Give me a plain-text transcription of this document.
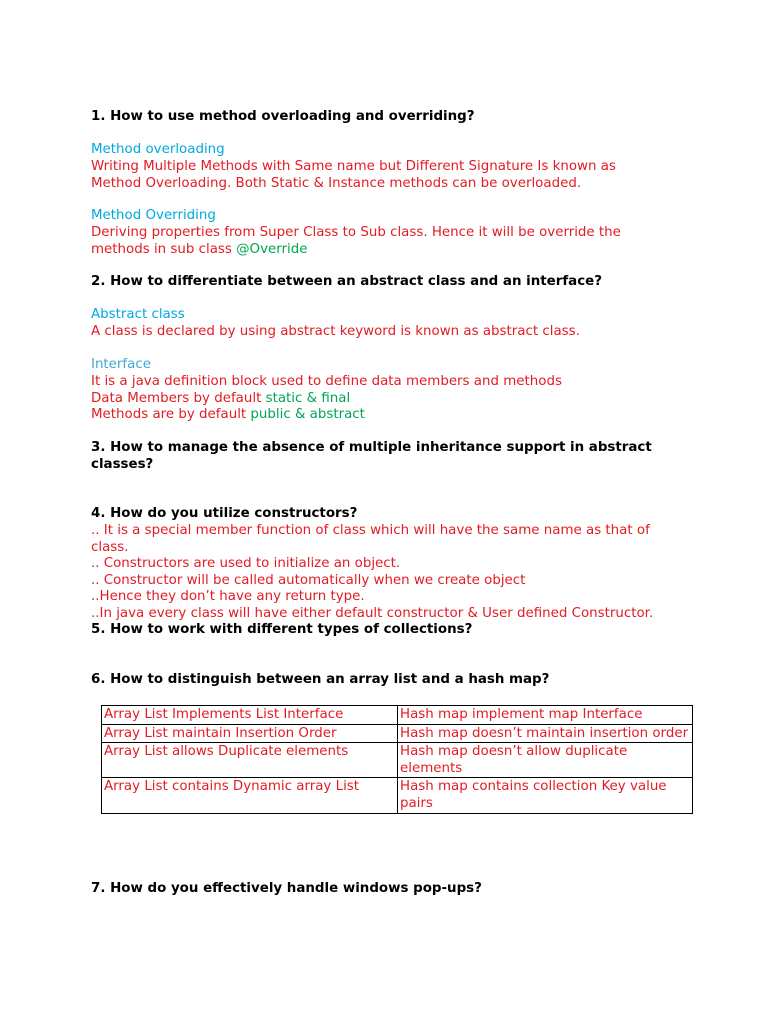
1. How to use method overloading and overriding?
Method overloading
Writing Multiple Methods with Same name but Different Signature Is known as
Method Overloading. Both Static & Instance methods can be overloaded.
Method Overriding
Deriving properties from Super Class to Sub class. Hence it will be override the
methods in sub class @Override
2. How to differentiate between an abstract class and an interface?
Abstract class
A class is declared by using abstract keyword is known as abstract class.
Interface
It is a java definition block used to define data members and methods
Data Members by default static & final
Methods are by default public & abstract
3. How to manage the absence of multiple inheritance support in abstract
classes?
4. How do you utilize constructors?
.. It is a special member function of class which will have the same name as that of
class.
.. Constructors are used to initialize an object.
.. Constructor will be called automatically when we create object
..Hence they don’t have any return type.
..In java every class will have either default constructor & User defined Constructor.
5. How to work with different types of collections?
6. How to distinguish between an array list and a hash map?
Array List Implements List Interface	Hash map implement map Interface
Array List maintain Insertion Order	Hash map doesn’t maintain insertion order
Array List allows Duplicate elements	Hash map doesn’t allow duplicate elements
Array List contains Dynamic array List	Hash map contains collection Key value pairs
7. How do you effectively handle windows pop-ups?
